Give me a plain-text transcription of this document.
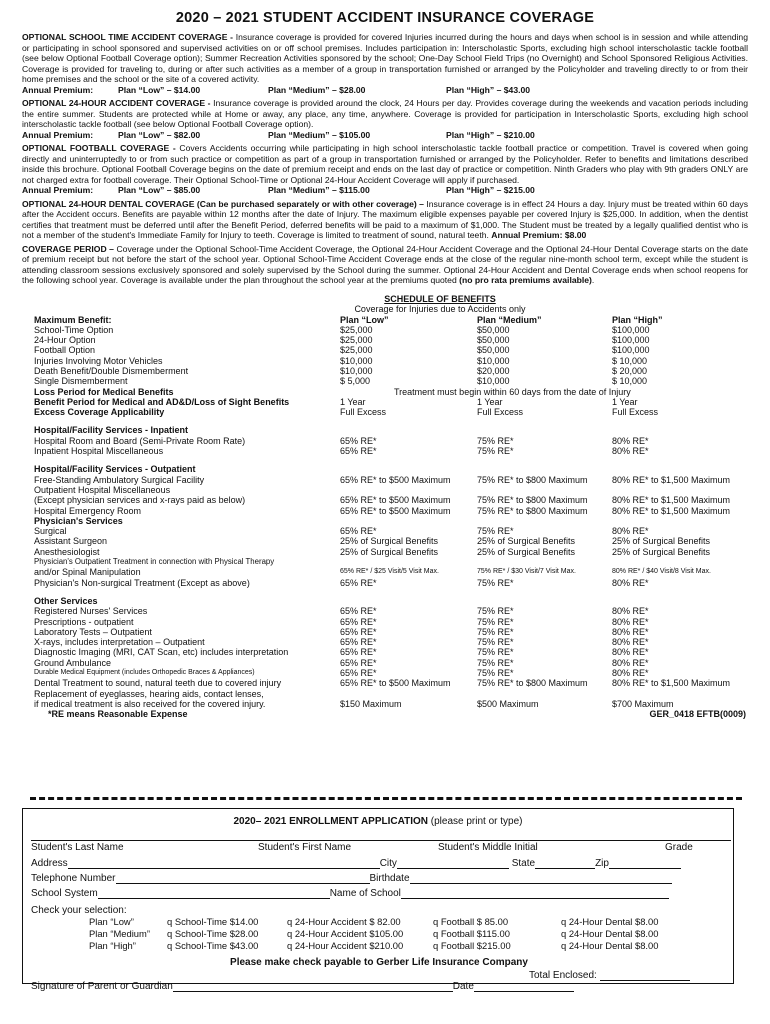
2020 – 2021 STUDENT ACCIDENT INSURANCE COVERAGE
OPTIONAL SCHOOL TIME ACCIDENT COVERAGE - Insurance coverage is provided for covered Injuries incurred during the hours and days when school is in session and while attending or participating in school sponsored and supervised activities on or off school premises. Includes participation in: Interscholastic Sports, excluding high school interscholastic tackle football (see below Optional Football Coverage option); Summer Recreation Activities sponsored by the school; One-Day School Field Trips (no Overnight) and School Sponsored Religious Activities. Coverage is provided for traveling to, during or after such activities as a member of a group in transportation furnished or arranged by the Policyholder and traveling directly to or from their home premises and the school or the site of a covered activity.
Annual Premium:	Plan “Low” – $14.00	Plan “Medium” – $28.00	Plan “High” – $43.00
OPTIONAL 24-HOUR ACCIDENT COVERAGE - Insurance coverage is provided around the clock, 24 Hours per day. Provides coverage during the weekends and vacation periods including the entire summer. Students are protected while at Home or away, any place, any time, anywhere. Coverage is provided for participation in Interscholastic Sports, excluding high school interscholastic tackle football (see below Optional Football Coverage option).
Annual Premium:	Plan “Low” – $82.00	Plan “Medium” – $105.00	Plan “High” – $210.00
OPTIONAL FOOTBALL COVERAGE - Covers Accidents occurring while participating in high school interscholastic tackle football practice or competition. Travel is covered when going directly and uninterruptedly to or from such practice or competition as part of a group in transportation furnished or arranged by the Policyholder. Refer to benefits and limitations described inside this brochure. Optional Football Coverage begins on the date of premium receipt and ends on the last day of practice or competition. Ninth Graders who play with 9th graders ONLY are not charged extra for football coverage. Their Optional School-Time or Optional 24-Hour Accident Coverage will apply if purchased.
Annual Premium:	Plan “Low” – $85.00	Plan “Medium” – $115.00	Plan “High” – $215.00
OPTIONAL 24-HOUR DENTAL COVERAGE (Can be purchased separately or with other coverage) – Insurance coverage is in effect 24 Hours a day. Injury must be treated within 60 days after the Accident occurs. Benefits are payable within 12 months after the date of Injury. The maximum eligible expenses payable per covered Injury is $25,000. In addition, when the dentist certifies that treatment must be deferred until after the Benefit Period, deferred benefits will be paid to a maximum of $1,000. The Student must be treated by a legally qualified dentist who is not a member of the student's Immediate Family for Injury to teeth. Coverage is limited to treatment of sound, natural teeth. Annual Premium: $8.00
COVERAGE PERIOD – Coverage under the Optional School-Time Accident Coverage, the Optional 24-Hour Accident Coverage and the Optional 24-Hour Dental Coverage starts on the date of premium receipt but not before the start of the school year. Optional School-Time Accident Coverage ends at the close of the regular nine-month school term, except while the student is attending classroom sessions exclusively sponsored and solely supervised by the School during the summer. Optional 24-Hour Accident and Dental Coverage ends when school reopens for the following school year. Coverage is available under the plan throughout the school year at the premiums quoted (no pro rata premiums available).
SCHEDULE OF BENEFITS
Coverage for Injuries due to Accidents only
Maximum Benefit:	Plan “Low”	Plan “Medium”	Plan “High”
School-Time Option	$25,000	$50,000	$100,000
24-Hour Option	$25,000	$50,000	$100,000
Football Option	$25,000	$50,000	$100,000
Injuries Involving Motor Vehicles	$10,000	$10,000	$ 10,000
Death Benefit/Double Dismemberment	$10,000	$20,000	$ 20,000
Single Dismemberment	$ 5,000	$10,000	$ 10,000
Loss Period for Medical Benefits	Treatment must begin within 60 days from the date of Injury
Benefit Period for Medical and AD&D/Loss of Sight Benefits	1 Year	1 Year	1 Year
Excess Coverage Applicability	Full Excess	Full Excess	Full Excess
Hospital/Facility Services - Inpatient
Hospital Room and Board (Semi-Private Room Rate)	65% RE*	75% RE*	80% RE*
Inpatient Hospital Miscellaneous	65% RE*	75% RE*	80% RE*
Hospital/Facility Services - Outpatient
Free-Standing Ambulatory Surgical Facility	65% RE* to $500 Maximum	75% RE* to $800 Maximum	80% RE* to $1,500 Maximum
Outpatient Hospital Miscellaneous
(Except physician services and x-rays paid as below)	65% RE* to $500 Maximum	75% RE* to $800 Maximum	80% RE* to $1,500 Maximum
Hospital Emergency Room	65% RE* to $500 Maximum	75% RE* to $800 Maximum	80% RE* to $1,500 Maximum
Physician's Services
Surgical	65% RE*	75% RE*	80% RE*
Assistant Surgeon	25% of Surgical Benefits	25% of Surgical Benefits	25% of Surgical Benefits
Anesthesiologist	25% of Surgical Benefits	25% of Surgical Benefits	25% of Surgical Benefits
Physician's Outpatient Treatment in connection with Physical Therapy
and/or Spinal Manipulation	65% RE* / $25 Visit/5 Visit Max.	75% RE* / $30 Visit/7 Visit Max.	80% RE* / $40 Visit/8 Visit Max.
Physician's Non-surgical Treatment (Except as above)	65% RE*	75% RE*	80% RE*
Other Services
Registered Nurses' Services	65% RE*	75% RE*	80% RE*
Prescriptions - outpatient	65% RE*	75% RE*	80% RE*
Laboratory Tests – Outpatient	65% RE*	75% RE*	80% RE*
X-rays, includes interpretation – Outpatient	65% RE*	75% RE*	80% RE*
Diagnostic Imaging (MRI, CAT Scan, etc) includes interpretation	65% RE*	75% RE*	80% RE*
Ground Ambulance	65% RE*	75% RE*	80% RE*
Durable Medical Equipment (includes Orthopedic Braces & Appliances)	65% RE*	75% RE*	80% RE*
Dental Treatment to sound, natural teeth due to covered injury	65% RE* to $500 Maximum	75% RE* to $800 Maximum	80% RE* to $1,500 Maximum
Replacement of eyeglasses, hearing aids, contact lenses,
if medical treatment is also received for the covered injury.	$150 Maximum	$500 Maximum	$700 Maximum
*RE means Reasonable Expense	GER_0418 EFTB(0009)
2020– 2021 ENROLLMENT APPLICATION (please print or type)
Student's Last Name	Student's First Name	Student's Middle Initial	Grade
Address	City	State	Zip
Telephone Number	Birthdate
School System	Name of School
Check your selection:
Plan “Low”	q School-Time $14.00	q 24-Hour Accident $ 82.00	q Football $ 85.00	q 24-Hour Dental $8.00
Plan “Medium” q School-Time $28.00	q 24-Hour Accident $105.00	q Football $115.00	q 24-Hour Dental $8.00
Plan “High”	q School-Time $43.00	q 24-Hour Accident $210.00	q Football $215.00	q 24-Hour Dental $8.00
Please make check payable to Gerber Life Insurance Company
Total Enclosed:
Signature of Parent or Guardian	Date
